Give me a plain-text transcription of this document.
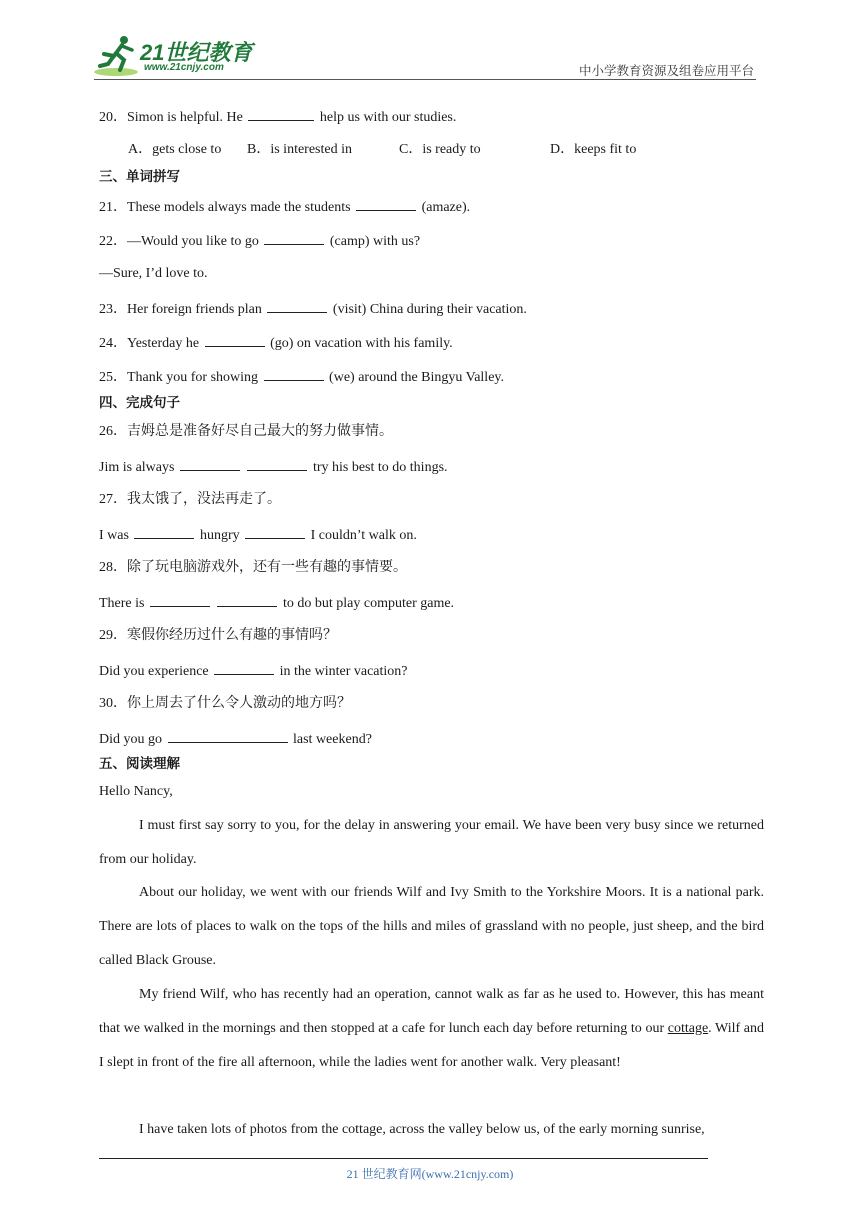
21世纪教育
www.21cnjy.com	中小学教育资源及组卷应用平台
20．Simon is helpful. He	help us with our studies.
A．gets close to B．is interested in	C．is ready to	D．keeps fit to
三、单词拼写
21．These models always made the students	(amaze).
22．—Would you like to go	(camp) with us?
—Sure, I’d love to.
23．Her foreign friends plan	(visit) China during their vacation.
24．Yesterday he	(go) on vacation with his family.
25．Thank you for showing	(we) around the Bingyu Valley.
四、完成句子
26．吉姆总是准备好尽自己最大的努力做事情。
Jim is always	try his best to do things.
27．我太饿了，没法再走了。
I was	hungry	I couldn’t walk on.
28．除了玩电脑游戏外，还有一些有趣的事情要。
There is	to do but play computer game.
29．寒假你经历过什么有趣的事情吗？
Did you experience	in the winter vacation?
30．你上周去了什么令人激动的地方吗？
Did you go	last weekend?
五、阅读理解
Hello Nancy,
I must first say sorry to you, for the delay in answering your email. We have been very busy since we returned from our holiday.
About our holiday, we went with our friends Wilf and Ivy Smith to the Yorkshire Moors. It is a national park. There are lots of places to walk on the tops of the hills and miles of grassland with no people, just sheep, and the bird called Black Grouse.
My friend Wilf, who has recently had an operation, cannot walk as far as he used to. However, this has meant that we walked in the mornings and then stopped at a cafe for lunch each day before returning to our cottage. Wilf and I slept in front of the fire all afternoon, while the ladies went for another walk. Very pleasant!
I have taken lots of photos from the cottage, across the valley below us, of the early morning sunrise,
21 世纪教育网(www.21cnjy.com)
